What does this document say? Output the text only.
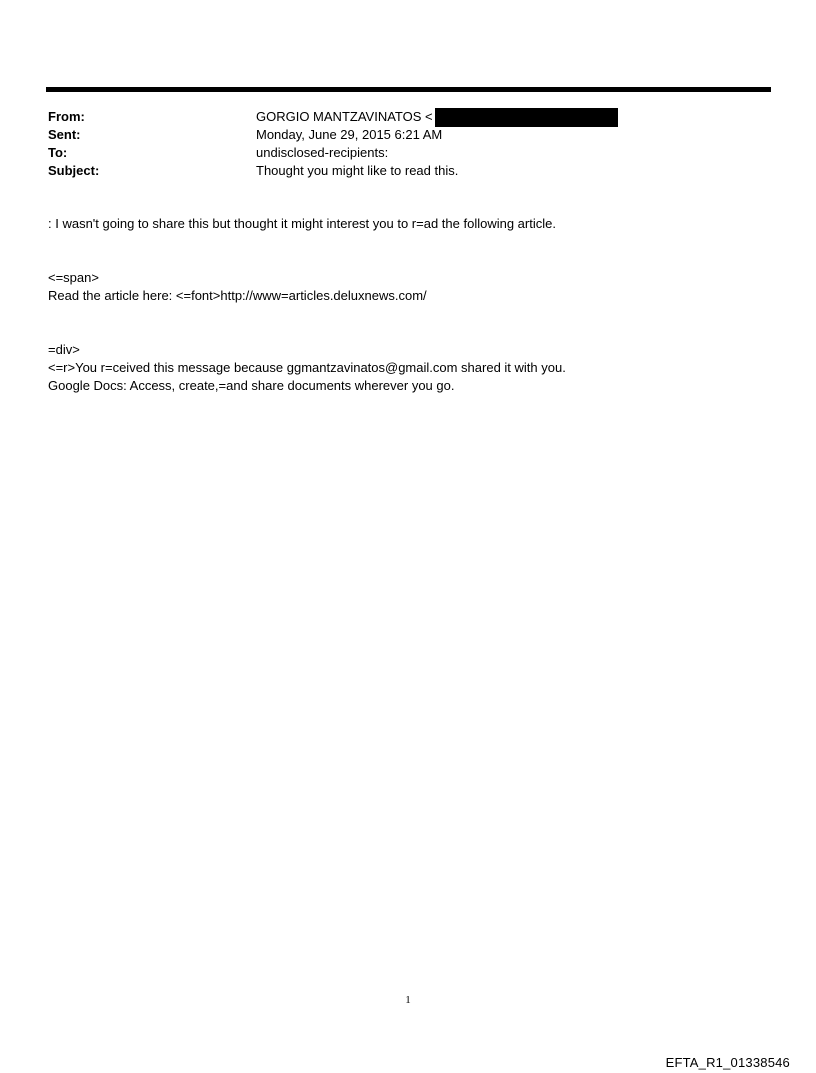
From:	GORGIO MANTZAVINATOS <
Sent:	Monday, June 29, 2015 6:21 AM
To:	undisclosed-recipients:
Subject:	Thought you might like to read this.
: I wasn't going to share this but thought it might interest you to r=ad the following article.
<=span>
Read the article here: <=font>http://www=articles.deluxnews.com/
=div>
<=r>You r=ceived this message because ggmantzavinatos@gmail.com shared it with you.
Google Docs: Access, create,=and share documents wherever you go.
1
EFTA_R1_01338546
